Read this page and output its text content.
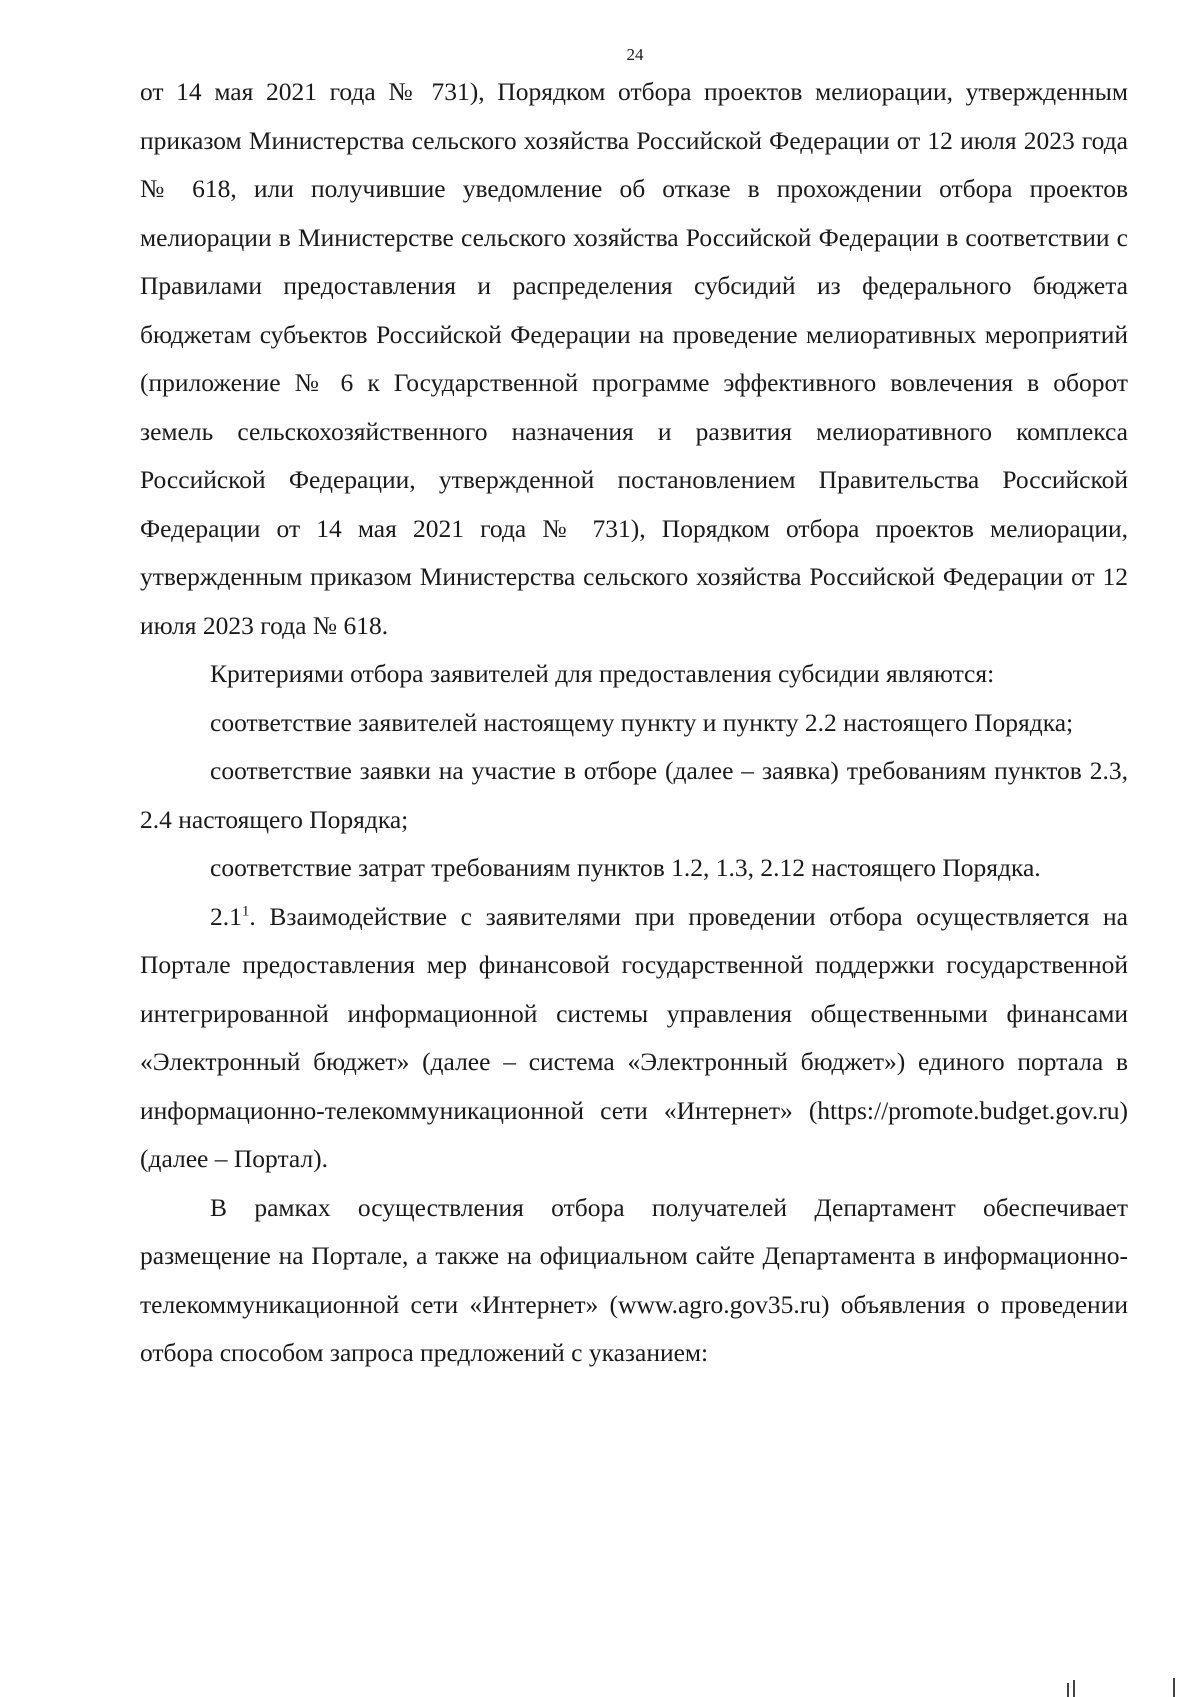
24

от 14 мая 2021 года № 731), Порядком отбора проектов мелиорации, утвержденным приказом Министерства сельского хозяйства Российской Федерации от 12 июля 2023 года № 618, или получившие уведомление об отказе в прохождении отбора проектов мелиорации в Министерстве сельского хозяйства Российской Федерации в соответствии с Правилами предоставления и распределения субсидий из федерального бюджета бюджетам субъектов Российской Федерации на проведение мелиоративных мероприятий (приложение № 6 к Государственной программе эффективного вовлечения в оборот земель сельскохозяйственного назначения и развития мелиоративного комплекса Российской Федерации, утвержденной постановлением Правительства Российской Федерации от 14 мая 2021 года № 731), Порядком отбора проектов мелиорации, утвержденным приказом Министерства сельского хозяйства Российской Федерации от 12 июля 2023 года № 618.

Критериями отбора заявителей для предоставления субсидии являются:

соответствие заявителей настоящему пункту и пункту 2.2 настоящего Порядка;

соответствие заявки на участие в отборе (далее – заявка) требованиям пунктов 2.3, 2.4 настоящего Порядка;

соответствие затрат требованиям пунктов 1.2, 1.3, 2.12 настоящего Порядка.

$2.1^1$. Взаимодействие с заявителями при проведении отбора осуществляется на Портале предоставления мер финансовой государственной поддержки государственной интегрированной информационной системы управления общественными финансами «Электронный бюджет» (далее – система «Электронный бюджет») единого портала в информационно-телекоммуникационной сети «Интернет» (https://promote.budget.gov.ru) (далее – Портал).

В рамках осуществления отбора получателей Департамент обеспечивает размещение на Портале, а также на официальном сайте Департамента в информационно-телекоммуникационной сети «Интернет» (www.agro.gov35.ru) объявления о проведении отбора способом запроса предложений с указанием:
